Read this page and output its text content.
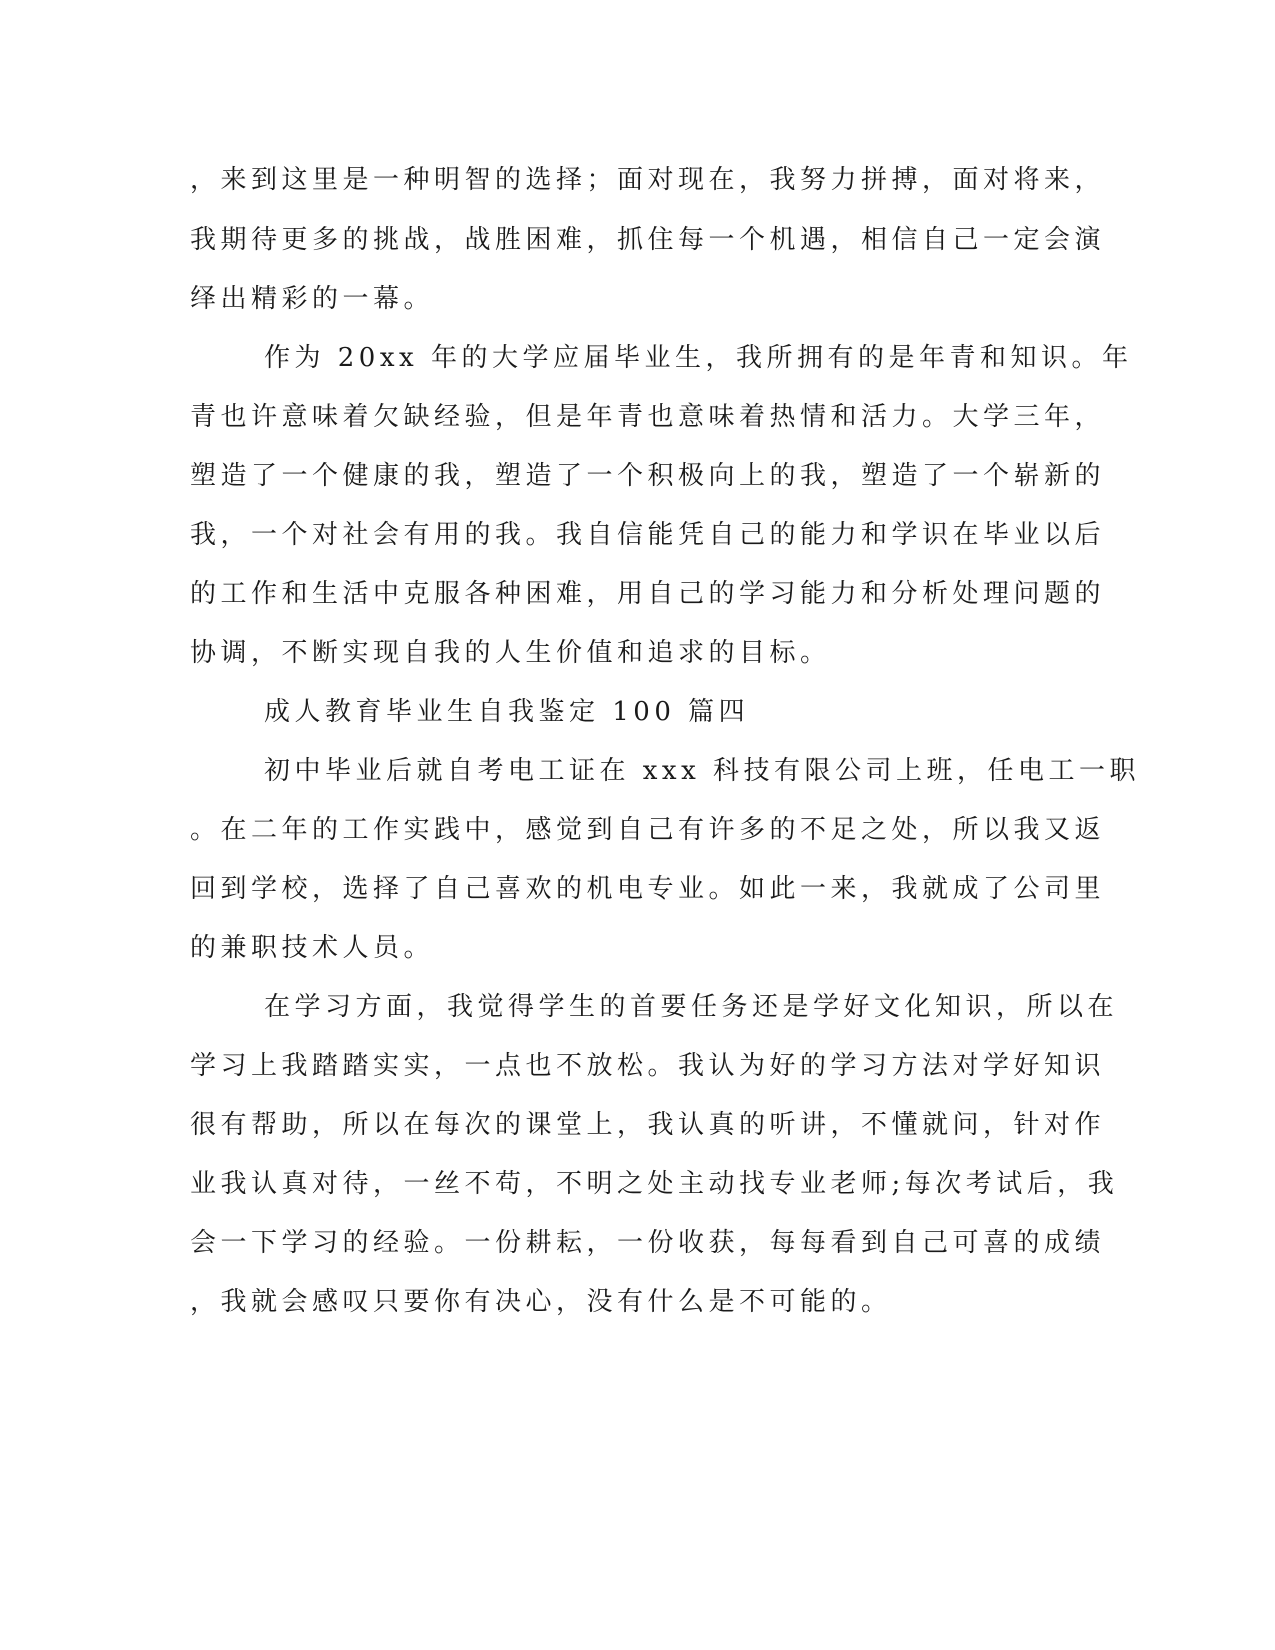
，来到这里是一种明智的选择；面对现在，我努力拼搏，面对将来，

我期待更多的挑战，战胜困难，抓住每一个机遇，相信自己一定会演

绎出精彩的一幕。

作为 20xx 年的大学应届毕业生，我所拥有的是年青和知识。年

青也许意味着欠缺经验，但是年青也意味着热情和活力。大学三年，

塑造了一个健康的我，塑造了一个积极向上的我，塑造了一个崭新的

我，一个对社会有用的我。我自信能凭自己的能力和学识在毕业以后

的工作和生活中克服各种困难，用自己的学习能力和分析处理问题的

协调，不断实现自我的人生价值和追求的目标。

成人教育毕业生自我鉴定 100 篇四

初中毕业后就自考电工证在 xxx 科技有限公司上班，任电工一职

。在二年的工作实践中，感觉到自己有许多的不足之处，所以我又返

回到学校，选择了自己喜欢的机电专业。如此一来，我就成了公司里

的兼职技术人员。

在学习方面，我觉得学生的首要任务还是学好文化知识，所以在

学习上我踏踏实实，一点也不放松。我认为好的学习方法对学好知识

很有帮助，所以在每次的课堂上，我认真的听讲，不懂就问，针对作

业我认真对待，一丝不苟，不明之处主动找专业老师;每次考试后，我

会一下学习的经验。一份耕耘，一份收获，每每看到自己可喜的成绩

，我就会感叹只要你有决心，没有什么是不可能的。
